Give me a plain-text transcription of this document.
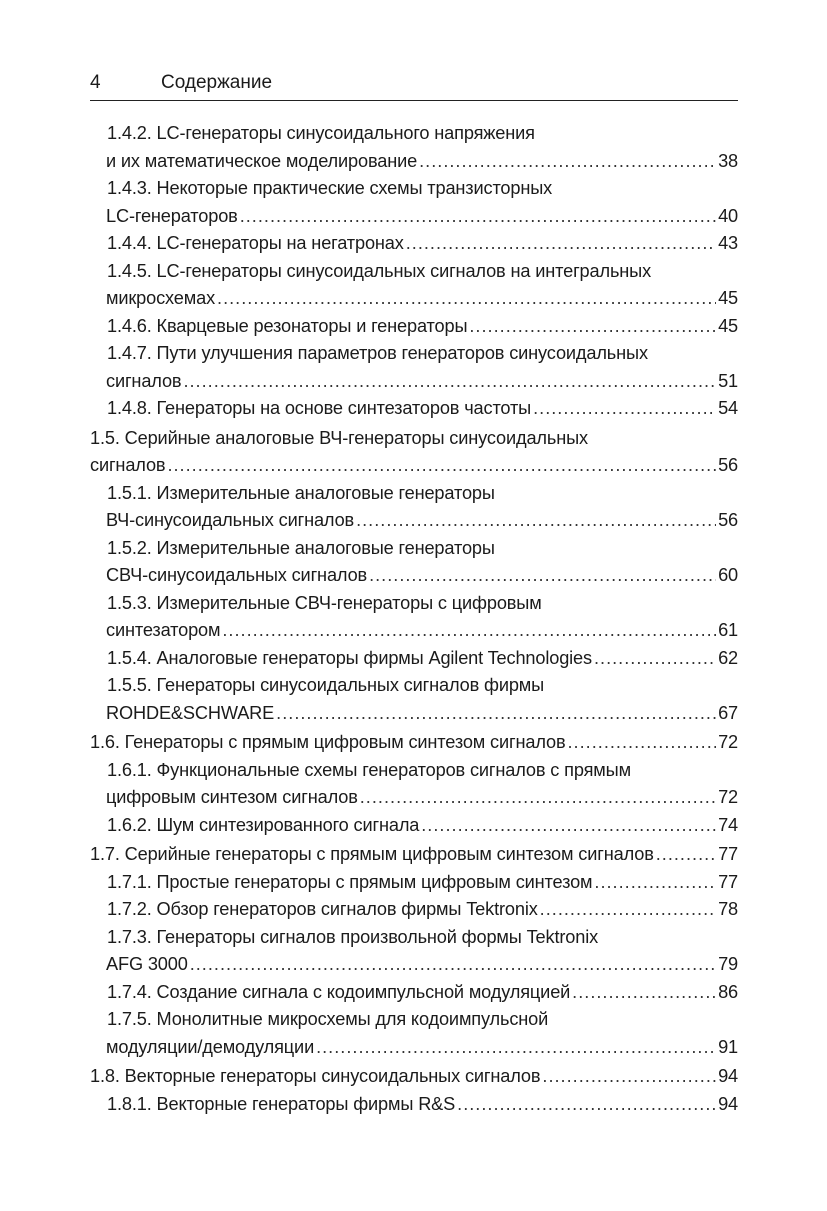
4	Содержание
1.4.2. LC-генераторы синусоидального напряжения
и их математическое моделирование .....	38
1.4.3. Некоторые практические схемы транзисторных
LC-генераторов .....	40
1.4.4. LC-генераторы на негатронах .....	43
1.4.5. LC-генераторы синусоидальных сигналов на интегральных
микросхемах .....	45
1.4.6. Кварцевые резонаторы и генераторы .....	45
1.4.7. Пути улучшения параметров генераторов синусоидальных
сигналов .....	51
1.4.8. Генераторы на основе синтезаторов частоты .....	54
1.5. Серийные аналоговые ВЧ-генераторы синусоидальных
сигналов .....	56
1.5.1. Измерительные аналоговые генераторы
ВЧ-синусоидальных сигналов .....	56
1.5.2. Измерительные аналоговые генераторы
СВЧ-синусоидальных сигналов .....	60
1.5.3. Измерительные СВЧ-генераторы с цифровым
синтезатором .....	61
1.5.4. Аналоговые генераторы фирмы Agilent Technologies .....	62
1.5.5. Генераторы синусоидальных сигналов фирмы
ROHDE&SCHWARE .....	67
1.6. Генераторы с прямым цифровым синтезом сигналов .....	72
1.6.1. Функциональные схемы генераторов сигналов с прямым
цифровым синтезом сигналов .....	72
1.6.2. Шум синтезированного сигнала .....	74
1.7. Серийные генераторы с прямым цифровым синтезом сигналов .....	77
1.7.1. Простые генераторы с прямым цифровым синтезом .....	77
1.7.2. Обзор генераторов сигналов фирмы Tektronix .....	78
1.7.3. Генераторы сигналов произвольной формы Tektronix
AFG 3000 .....	79
1.7.4. Создание сигнала с кодоимпульсной модуляцией .....	86
1.7.5. Монолитные микросхемы для кодоимпульсной
модуляции/демодуляции .....	91
1.8. Векторные генераторы синусоидальных сигналов .....	94
1.8.1. Векторные генераторы фирмы R&S .....	94
